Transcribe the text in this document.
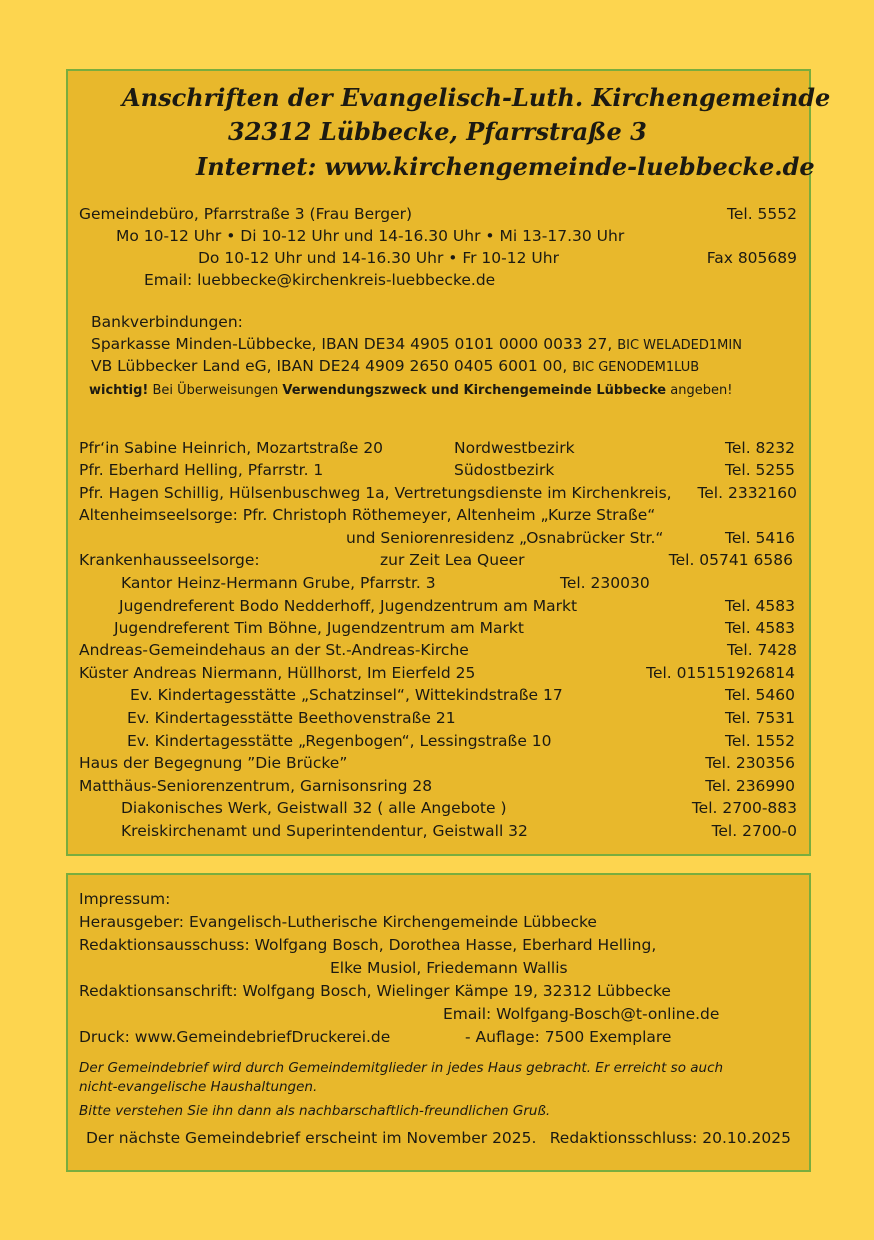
Anschriften der Evangelisch-Luth. Kirchengemeinde
32312 Lübbecke, Pfarrstraße 3
Internet: www.kirchengemeinde-luebbecke.de
Gemeindebüro, Pfarrstraße 3 (Frau Berger)	Tel. 5552
Mo 10-12 Uhr • Di 10-12 Uhr und 14-16.30 Uhr • Mi 13-17.30 Uhr
Do 10-12 Uhr und 14-16.30 Uhr • Fr 10-12 Uhr	Fax 805689
Email: luebbecke@kirchenkreis-luebbecke.de
Bankverbindungen:
Sparkasse Minden-Lübbecke, IBAN DE34 4905 0101 0000 0033 27, BIC WELADED1MIN
VB Lübbecker Land eG, IBAN DE24 4909 2650 0405 6001 00, BIC GENODEM1LUB
wichtig! Bei Überweisungen Verwendungszweck und Kirchengemeinde Lübbecke angeben!
Pfr‘in Sabine Heinrich, Mozartstraße 20	Nordwestbezirk	Tel. 8232
Pfr. Eberhard Helling, Pfarrstr. 1	Südostbezirk	Tel. 5255
Pfr. Hagen Schillig, Hülsenbuschweg 1a, Vertretungsdienste im Kirchenkreis, Tel. 2332160
Altenheimseelsorge: Pfr. Christoph Röthemeyer, Altenheim „Kurze Straße“
und Seniorenresidenz „Osnabrücker Str.“	Tel. 5416
Krankenhausseelsorge:	zur Zeit Lea Queer	Tel. 05741 6586
Kantor Heinz-Hermann Grube, Pfarrstr. 3	Tel. 230030
Jugendreferent Bodo Nedderhoff, Jugendzentrum am Markt	Tel. 4583
Jugendreferent Tim Böhne, Jugendzentrum am Markt	Tel. 4583
Andreas-Gemeindehaus an der St.-Andreas-Kirche	Tel. 7428
Küster Andreas Niermann, Hüllhorst, Im Eierfeld 25	Tel. 015151926814
Ev. Kindertagesstätte „Schatzinsel“, Wittekindstraße 17	Tel. 5460
Ev. Kindertagesstätte Beethovenstraße 21	Tel. 7531
Ev. Kindertagesstätte „Regenbogen“, Lessingstraße 10	Tel. 1552
Haus der Begegnung ”Die Brücke”	Tel. 230356
Matthäus-Seniorenzentrum, Garnisonsring 28	Tel. 236990
Diakonisches Werk, Geistwall 32 ( alle Angebote )	Tel. 2700-883
Kreiskirchenamt und Superintendentur, Geistwall 32	Tel. 2700-0
Impressum:
Herausgeber: Evangelisch-Lutherische Kirchengemeinde Lübbecke
Redaktionsausschuss: Wolfgang Bosch, Dorothea Hasse, Eberhard Helling,
Elke Musiol, Friedemann Wallis
Redaktionsanschrift: Wolfgang Bosch, Wielinger Kämpe 19, 32312 Lübbecke
Email: Wolfgang-Bosch@t-online.de
Druck: www.GemeindebriefDruckerei.de	- Auflage: 7500 Exemplare
Der Gemeindebrief wird durch Gemeindemitglieder in jedes Haus gebracht. Er erreicht so auch
nicht-evangelische Haushaltungen.
Bitte verstehen Sie ihn dann als nachbarschaftlich-freundlichen Gruß.
Der nächste Gemeindebrief erscheint im November 2025. Redaktionsschluss: 20.10.2025
